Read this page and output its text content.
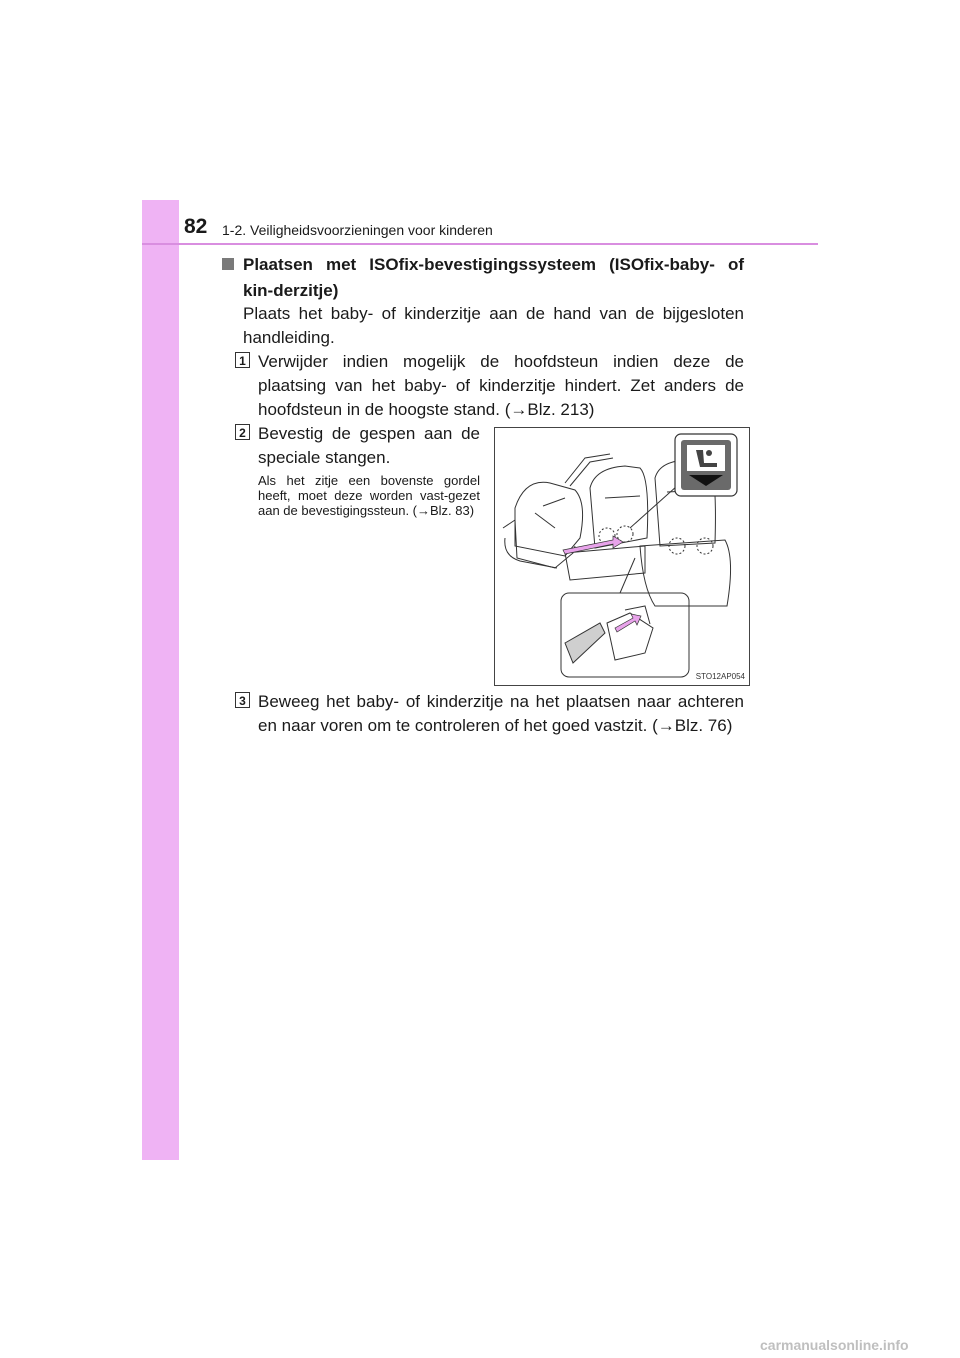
82 1-2. Veiligheidsvoorzieningen voor kinderen
Plaatsen met ISOfix-bevestigingssysteem (ISOfix-baby- of kin-derzitje)
Plaats het baby- of kinderzitje aan de hand van de bijgesloten handleiding.
1 Verwijder indien mogelijk de hoofdsteun indien deze de plaatsing van het baby- of kinderzitje hindert. Zet anders de hoofdsteun in de hoogste stand. (→Blz. 213)
2 Bevestig de gespen aan de speciale stangen.
Als het zitje een bovenste gordel heeft, moet deze worden vast-gezet aan de bevestigingssteun. (→Blz. 83)
STO12AP054
3 Beweeg het baby- of kinderzitje na het plaatsen naar achteren en naar voren om te controleren of het goed vastzit. (→Blz. 76)
carmanualsonline.info
